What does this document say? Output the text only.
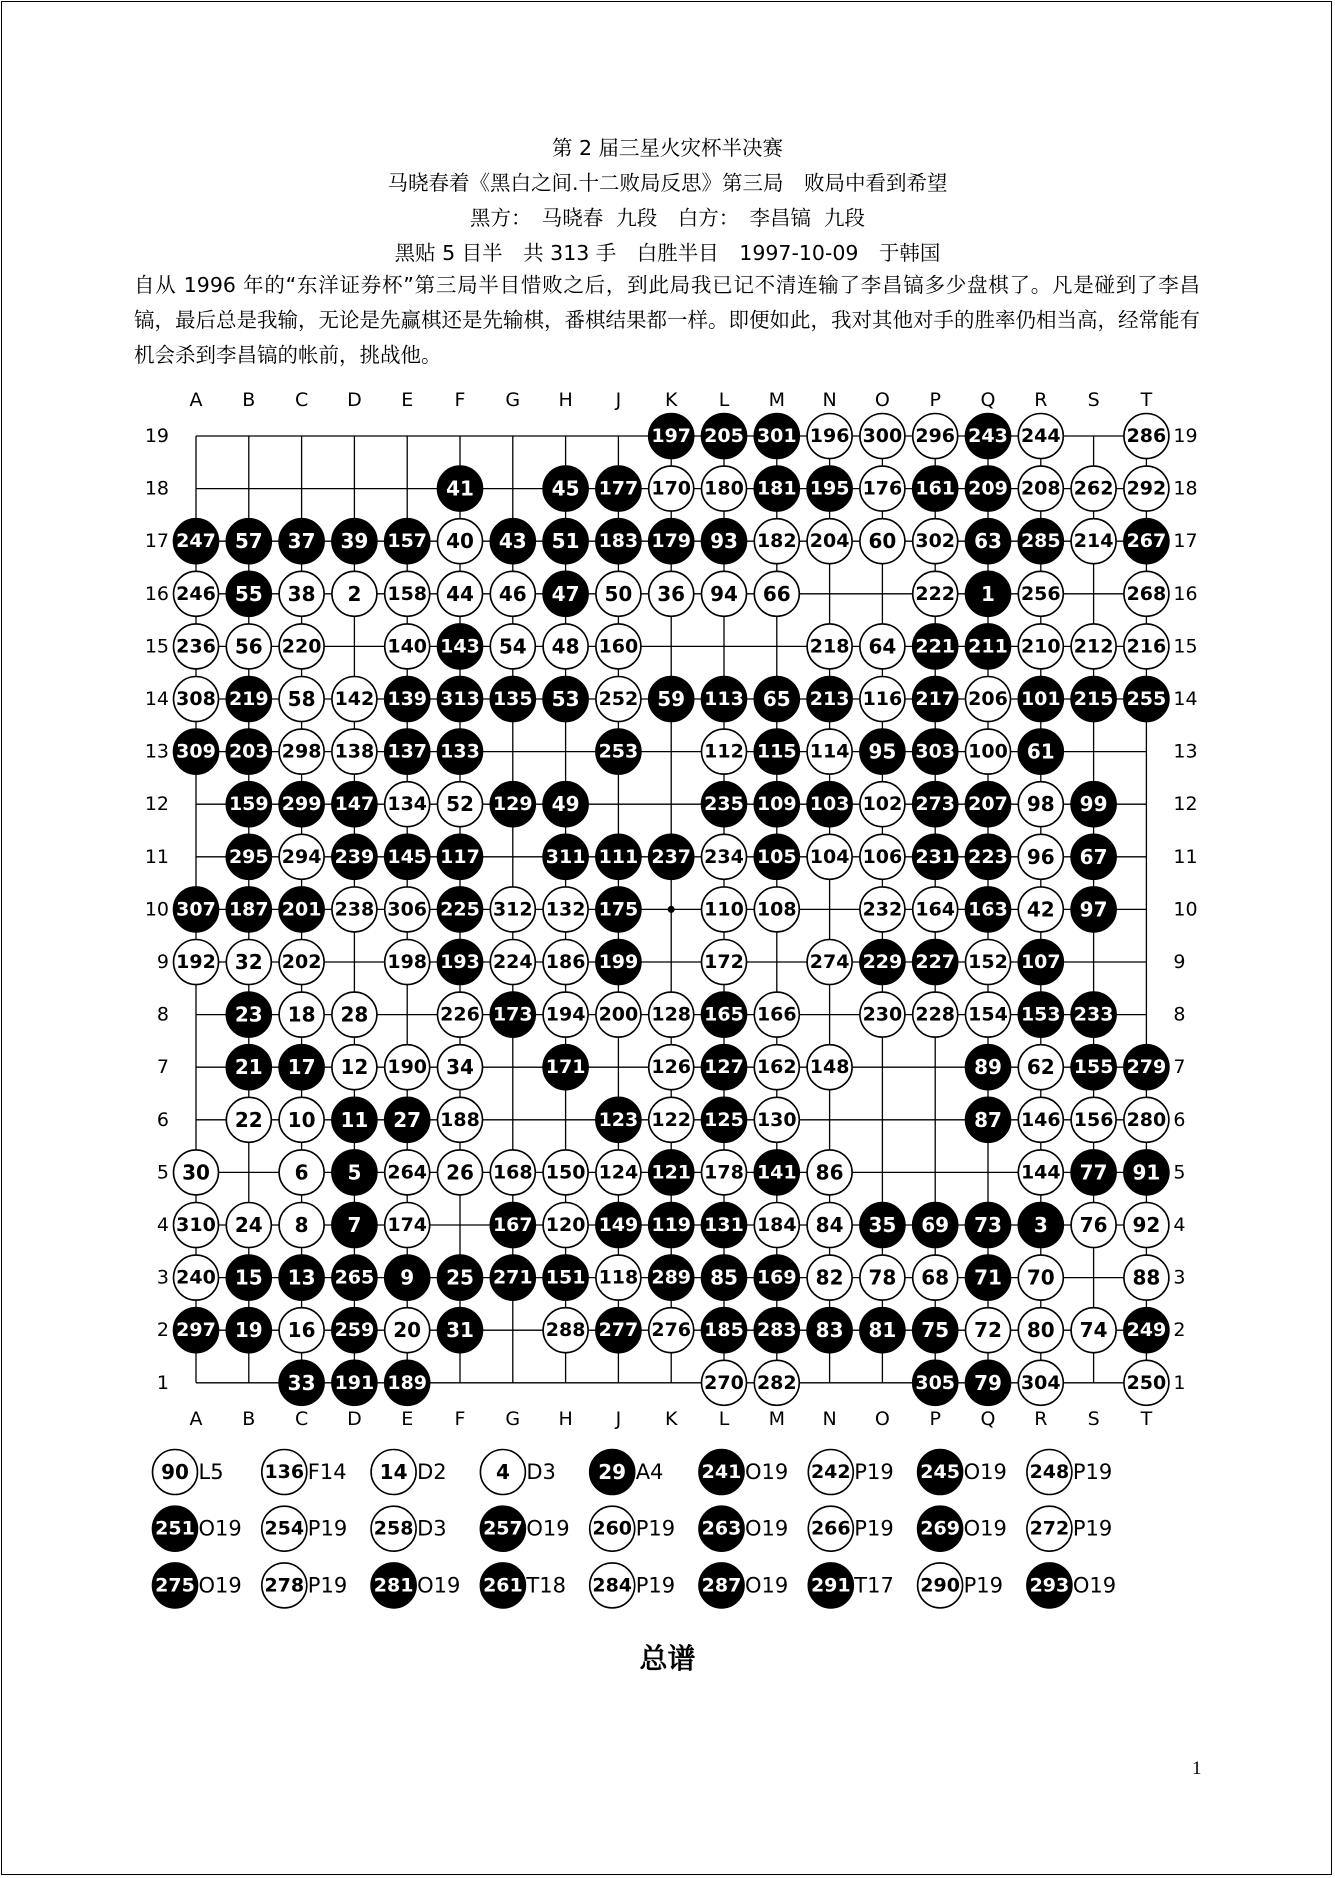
第 2 届三星火灾杯半决赛
马晓春着《黑白之间.十二败局反思》第三局　败局中看到希望
黑方：　马晓春  九段　白方：　李昌镐  九段
黑贴 5 目半　共 313 手　白胜半目　1997-10-09　于韩国
自从 1996 年的“东洋证券杯”第三局半目惜败之后，到此局我已记不清连输了李昌镐多少盘棋了。凡是碰到了李昌镐，最后总是我输，无论是先赢棋还是先输棋，番棋结果都一样。即便如此，我对其他对手的胜率仍相当高，经常能有机会杀到李昌镐的帐前，挑战他。
A
A
B
B
C
C
D
D
E
E
F
F
G
G
H
H
J
J
K
K
L
L
M
M
N
N
O
O
P
P
Q
Q
R
R
S
S
T
T
19	19
18	18
17	17
16	16
15	15
14	14
13	13
12	12
11	11
10	10
9	9
8	8
7	7
6	6
5	5
4	4
3	3
2	2
1	1
197 205 301 196 300 296 243 244	286
41	45 177 170 180 181 195 176 161 209 208 262 292
247 57 37 39 157 40 43 51 183 179 93 182 204 60 302 63 285 214 267
246 55 38 2 158 44 46 47 50 36 94 66	222 1 256	268
236 56 220	140 143 54 48 160	218 64 221 211 210 212 216
308 219 58 142 139 313 135 53 252 59 113 65 213 116 217 206 101 215 255
309 203 298 138 137 133	253	112 115 114 95 303 100 61
159 299 147 134 52 129 49	235 109 103 102 273 207 98 99
295 294 239 145 117	311 111 237 234 105 104 106 231 223 96 67
307 187 201 238 306 225 312 132 175	110 108	232 164 163 42 97
192 32 202	198 193 224 186 199	172	274 229 227 152 107
23 18 28	226 173 194 200 128 165 166	230 228 154 153 233
21 17 12 190 34	171	126 127 162 148	89 62 155 279
22 10 11 27 188	123 122 125 130	87 146 156 280
30	6 5 264 26 168 150 124 121 178 141 86	144 77 91
310 24 8 7 174	167 120 149 119 131 184 84 35 69 73 3 76 92
240 15 13 265 9 25 271 151 118 289 85 169 82 78 68 71 70	88
297 19 16 259 20 31	288 277 276 185 283 83 81 75 72 80 74 249
33 191 189	270 282	305 79 304	250
90 L5 136 F14 14 D2 4 D3 29 A4 241 O19 242 P19 245 O19 248 P19
251 O19 254 P19 258 D3 257 O19 260 P19 263 O19 266 P19 269 O19 272 P19
275 O19 278 P19 281 O19 261 T18 284 P19 287 O19 291 T17 290 P19 293 O19
总谱
1
